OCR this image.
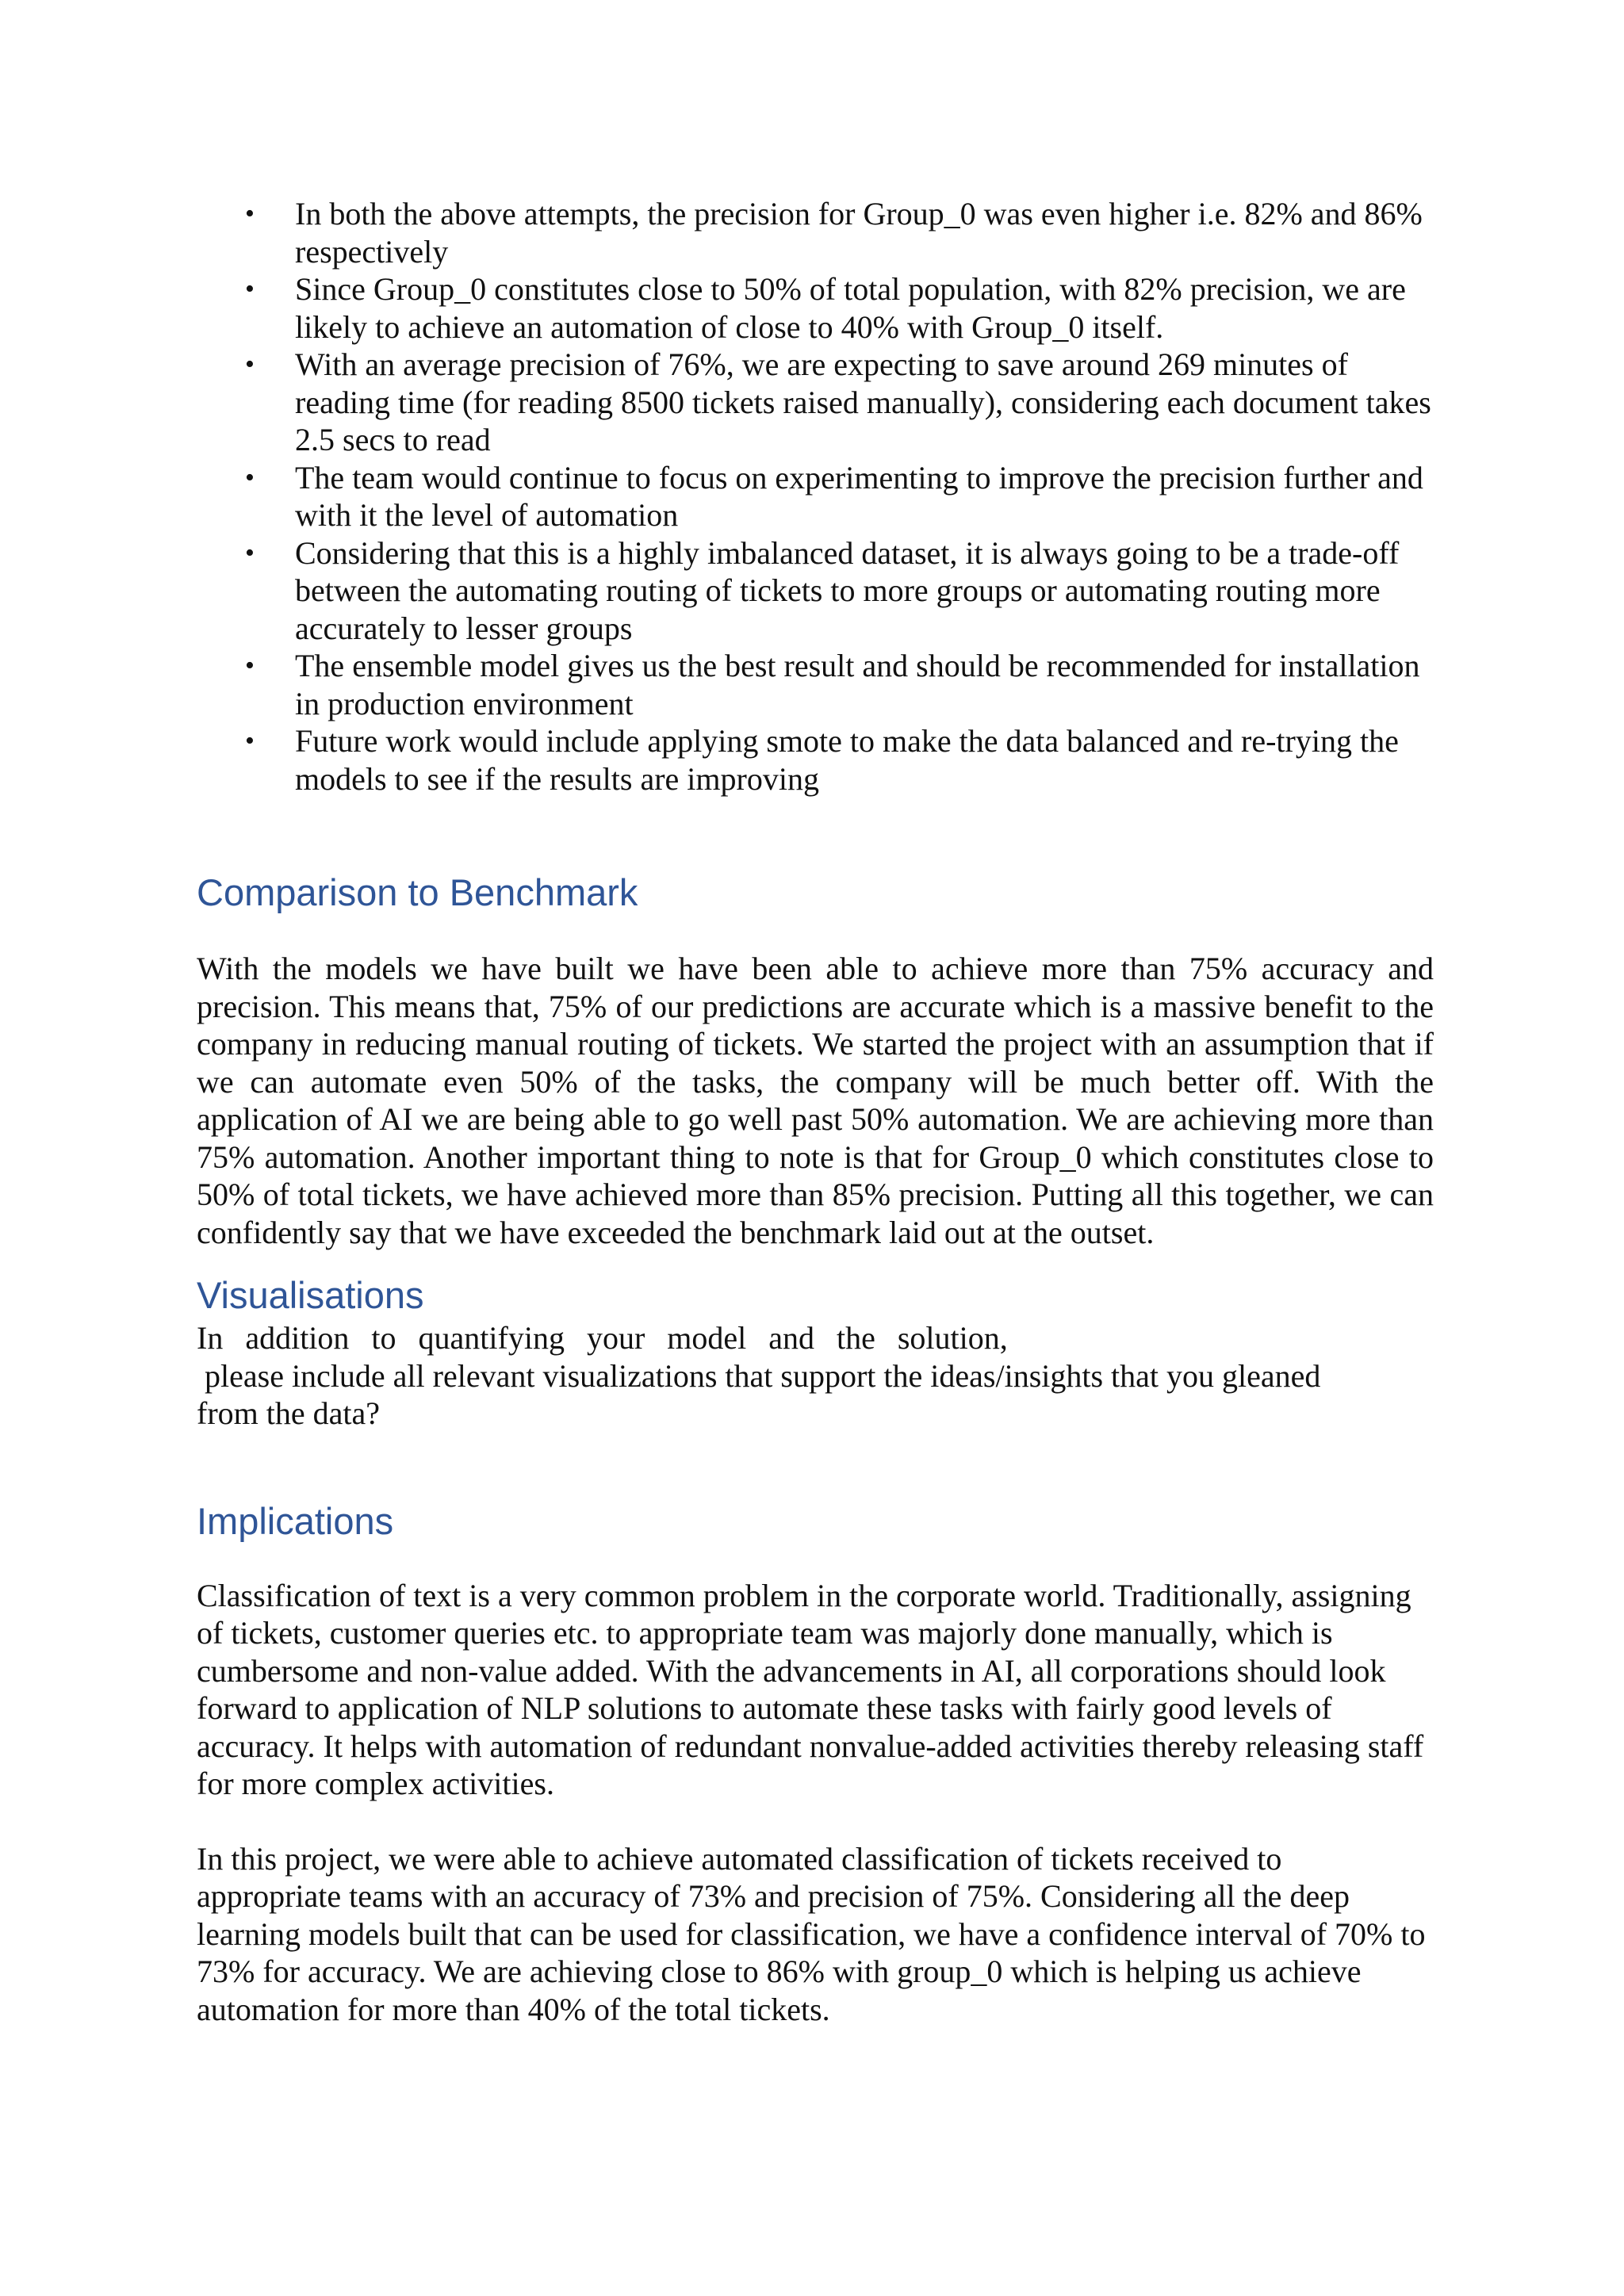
• In both the above attempts, the precision for Group_0 was even higher i.e. 82% and 86% respectively
• Since Group_0 constitutes close to 50% of total population, with 82% precision, we are likely to achieve an automation of close to 40% with Group_0 itself.
• With an average precision of 76%, we are expecting to save around 269 minutes of reading time (for reading 8500 tickets raised manually), considering each document takes 2.5 secs to read
• The team would continue to focus on experimenting to improve the precision further and with it the level of automation
• Considering that this is a highly imbalanced dataset, it is always going to be a trade-off between the automating routing of tickets to more groups or automating routing more accurately to lesser groups
• The ensemble model gives us the best result and should be recommended for installation in production environment
• Future work would include applying smote to make the data balanced and re-trying the models to see if the results are improving
Comparison to Benchmark

With the models we have built we have been able to achieve more than 75% accuracy and precision. This means that, 75% of our predictions are accurate which is a massive benefit to the company in reducing manual routing of tickets. We started the project with an assumption that if we can automate even 50% of the tasks, the company will be much better off. With the application of AI we are being able to go well past 50% automation. We are achieving more than 75% automation. Another important thing to note is that for Group_0 which constitutes close to 50% of total tickets, we have achieved more than 85% precision. Putting all this together, we can confidently say that we have exceeded the benchmark laid out at the outset.

Visualisations

In addition to quantifying your model and the solution,

please include all relevant visualizations that support the ideas/insights that you gleaned

from the data?

Implications

Classification of text is a very common problem in the corporate world. Traditionally, assigning of tickets, customer queries etc. to appropriate team was majorly done manually, which is cumbersome and non-value added. With the advancements in AI, all corporations should look forward to application of NLP solutions to automate these tasks with fairly good levels of accuracy. It helps with automation of redundant nonvalue-added activities thereby releasing staff for more complex activities.

In this project, we were able to achieve automated classification of tickets received to appropriate teams with an accuracy of 73% and precision of 75%. Considering all the deep learning models built that can be used for classification, we have a confidence interval of 70% to 73% for accuracy. We are achieving close to 86% with group_0 which is helping us achieve automation for more than 40% of the total tickets.
